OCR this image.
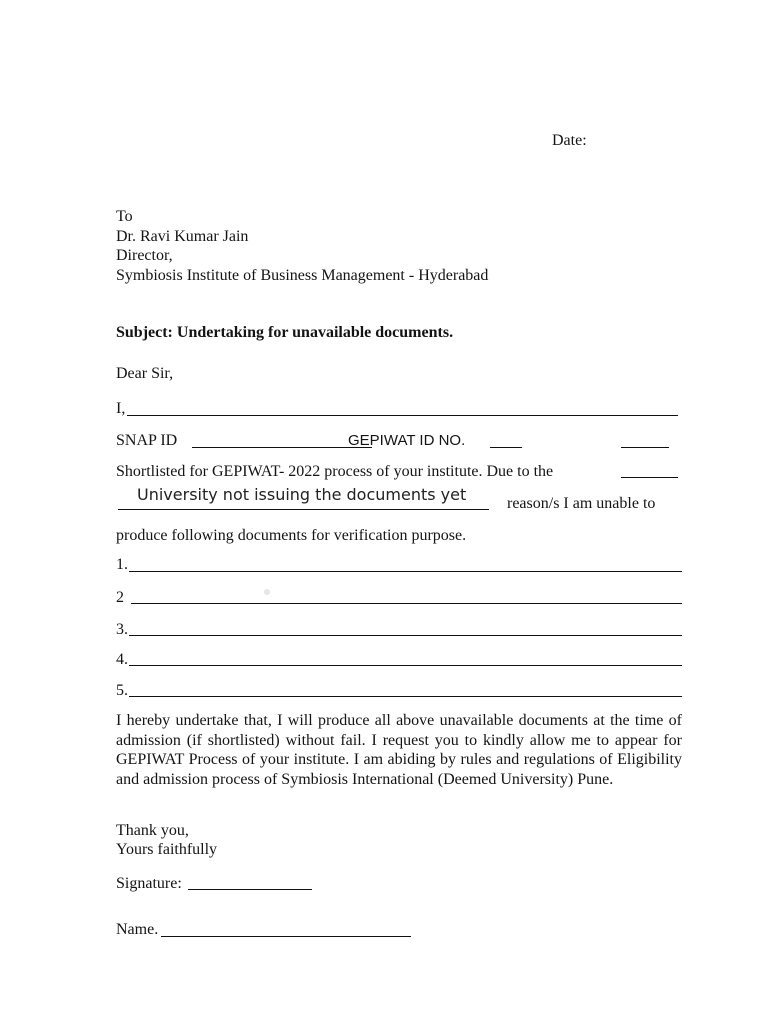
Date:
To
Dr. Ravi Kumar Jain
Director,
Symbiosis Institute of Business Management - Hyderabad
Subject: Undertaking for unavailable documents.
Dear Sir,
I,
SNAP ID	GEPIWAT ID NO.
Shortlisted for GEPIWAT- 2022 process of your institute. Due to the
University not issuing the documents yet	reason/s I am unable to
produce following documents for verification purpose.
1.
2
3.
4.
5.
I hereby undertake that, I will produce all above unavailable documents at the time of admission (if shortlisted) without fail. I request you to kindly allow me to appear for GEPIWAT Process of your institute. I am abiding by rules and regulations of Eligibility and admission process of Symbiosis International (Deemed University) Pune.
Thank you,
Yours faithfully
Signature:
Name.
